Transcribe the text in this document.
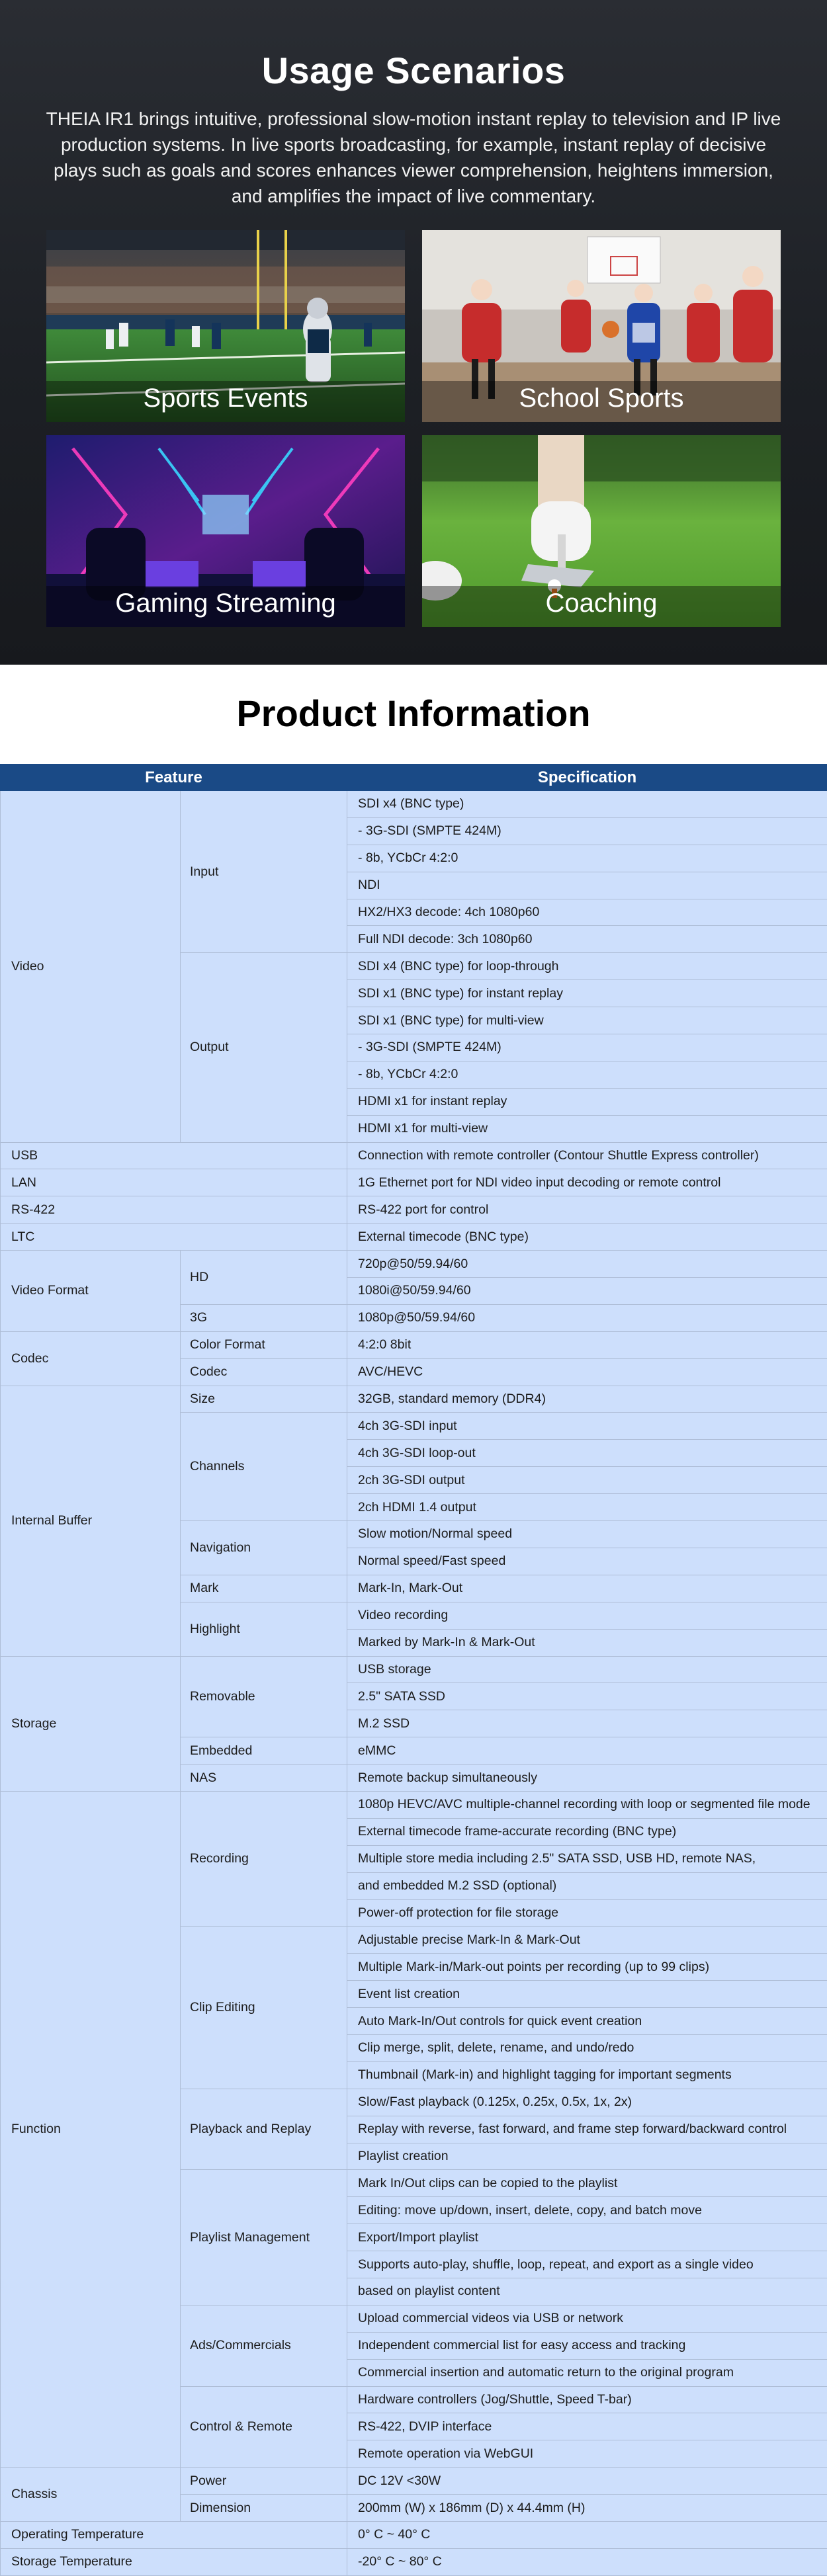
Usage Scenarios

THEIA IR1 brings intuitive, professional slow-motion instant replay to television and IP live production systems. In live sports broadcasting, for example, instant replay of decisive plays such as goals and scores enhances viewer comprehension, heightens immersion, and amplifies the impact of live commentary.

Sports Events	School Sports
Gaming Streaming	Coaching
Product Information
Feature		Specification
Video	Input	SDI x4 (BNC type)
		- 3G-SDI (SMPTE 424M)
		- 8b, YCbCr 4:2:0
		NDI
		HX2/HX3 decode: 4ch 1080p60
		Full NDI decode: 3ch 1080p60
	Output	SDI x4 (BNC type) for loop-through
		SDI x1 (BNC type) for instant replay
		SDI x1 (BNC type) for multi-view
		- 3G-SDI (SMPTE 424M)
		- 8b, YCbCr 4:2:0
		HDMI x1 for instant replay
		HDMI x1 for multi-view
USB		Connection with remote controller (Contour Shuttle Express controller)
LAN		1G Ethernet port for NDI video input decoding or remote control
RS-422		RS-422 port for control
LTC		External timecode (BNC type)
Video Format	HD	720p@50/59.94/60
		1080i@50/59.94/60
	3G	1080p@50/59.94/60
Codec	Color Format	4:2:0 8bit
	Codec	AVC/HEVC
Internal Buffer	Size	32GB, standard memory (DDR4)
	Channels	4ch 3G-SDI input
		4ch 3G-SDI loop-out
		2ch 3G-SDI output
		2ch HDMI 1.4 output
	Navigation	Slow motion/Normal speed
		Normal speed/Fast speed
	Mark	Mark-In, Mark-Out
	Highlight	Video recording
		Marked by Mark-In & Mark-Out
Storage	Removable	USB storage
		2.5" SATA SSD
		M.2 SSD
	Embedded	eMMC
	NAS	Remote backup simultaneously
Function	Recording	1080p HEVC/AVC multiple-channel recording with loop or segmented file mode
		External timecode frame-accurate recording (BNC type)
		Multiple store media including 2.5" SATA SSD, USB HD, remote NAS,
		and embedded M.2 SSD (optional)
		Power-off protection for file storage
	Clip Editing	Adjustable precise Mark-In & Mark-Out
		Multiple Mark-in/Mark-out points per recording (up to 99 clips)
		Event list creation
		Auto Mark-In/Out controls for quick event creation
		Clip merge, split, delete, rename, and undo/redo
		Thumbnail (Mark-in) and highlight tagging for important segments
	Playback and Replay	Slow/Fast playback (0.125x, 0.25x, 0.5x, 1x, 2x)
		Replay with reverse, fast forward, and frame step forward/backward control
		Playlist creation
	Playlist Management	Mark In/Out clips can be copied to the playlist
		Editing: move up/down, insert, delete, copy, and batch move
		Export/Import playlist
		Supports auto-play, shuffle, loop, repeat, and export as a single video
		based on playlist content
	Ads/Commercials	Upload commercial videos via USB or network
		Independent commercial list for easy access and tracking
		Commercial insertion and automatic return to the original program
	Control & Remote	Hardware controllers (Jog/Shuttle, Speed T-bar)
		RS-422, DVIP interface
		Remote operation via WebGUI
Chassis	Power	DC 12V <30W
	Dimension	200mm (W) x 186mm (D) x 44.4mm (H)
Operating Temperature		0° C ~ 40° C
Storage Temperature		-20° C ~ 80° C
